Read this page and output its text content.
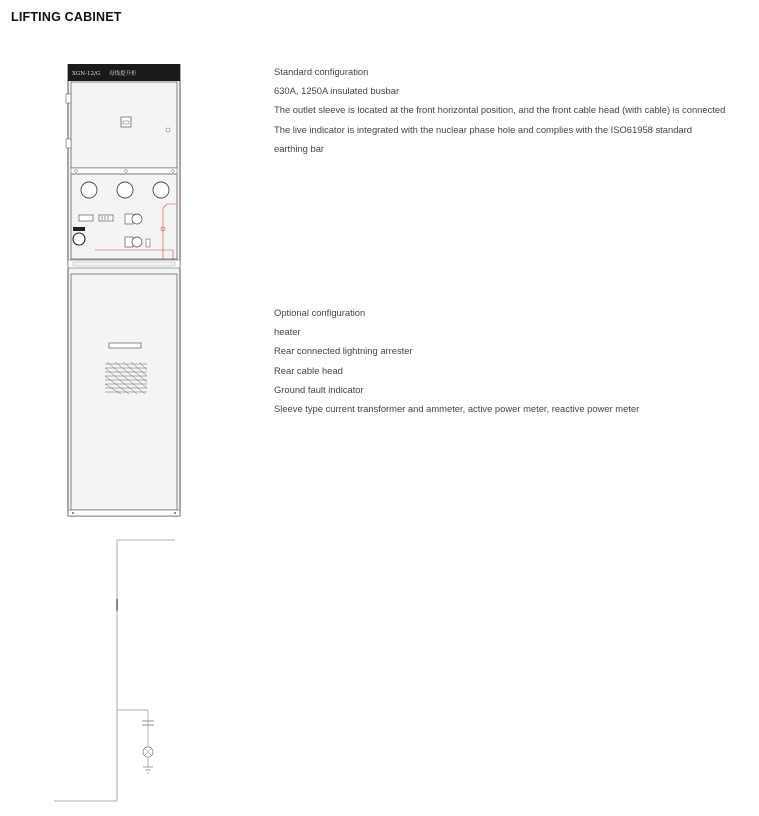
LIFTING CABINET
XGN-12/G 母线提升柜	Standard configuration
630A, 1250A insulated busbar
The outlet sleeve is located at the front horizontal position, and the front cable head (with cable) is connected
The live indicator is integrated with the nuclear phase hole and complies with the ISO61958 standard
earthing bar
Optional configuration
heater
Rear connected lightning arrester
Rear cable head
Ground fault indicator
Sleeve type current transformer and ammeter, active power meter, reactive power meter
